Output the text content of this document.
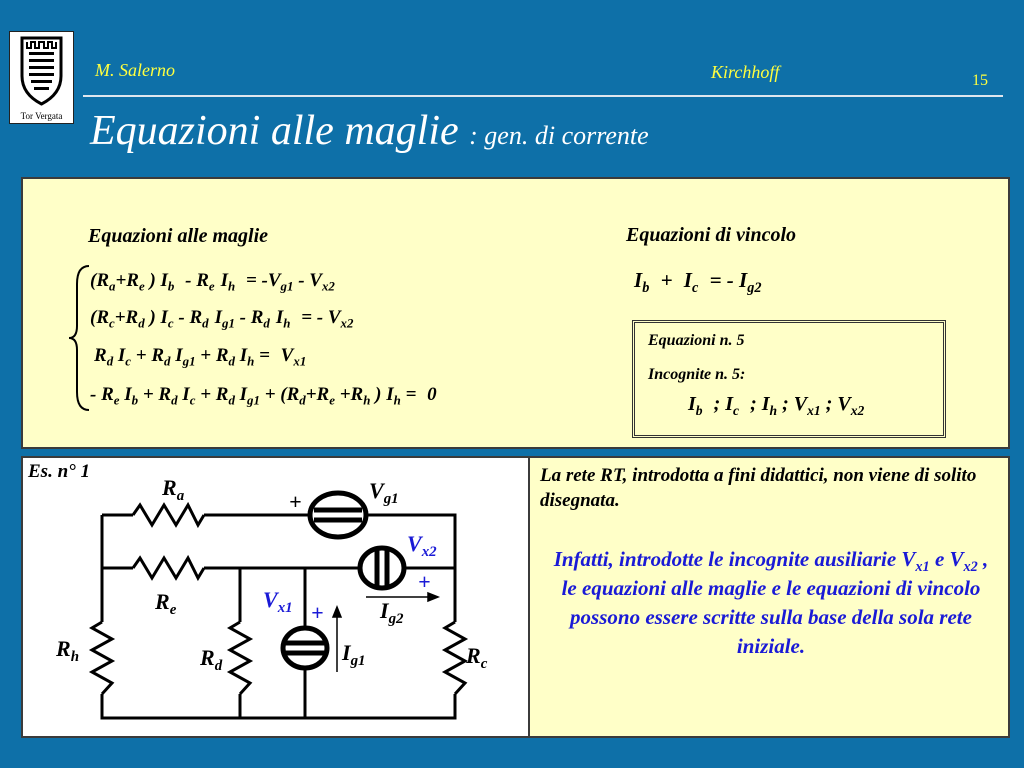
Tor Vergata
M. Salerno	Kirchhoff	15
Equazioni alle maglie : gen. di corrente
Equazioni alle maglie	Equazioni di vincolo
($R_a+R_e$ ) $I_b - R_e$ $I_h = -V_{g1} - V_{x2}$
($R_c+R_d$ ) $I_c - R_d$ $I_{g1} - R_d$ $I_h$ = - $V_{x2}$
$R_d$ $I_c + R_d$ $I_{g1} + R_d$ $I_h = V_{x1}$
- $R_e$ $I_b + R_d$ $I_c + R_d$ $I_{g1} + (R_d+R_e +R_h$ ) $I_h = 0$
$I_b + I_c$ = - $I_{g2}$
Equazioni n. 5
Incognite n. 5:
$I_b$ ; $I_c$ ; $I_h$ ; $V_{x1}$ ; $V_{x2}$
Es. n° 1
$R_a$
$R_e$
$R_h$	$R_d$	$R_c$
$V_{g1}$
+
$V_{x2}$
+
$I_{g2}$
$V_{x1}$ +
$I_{g1}$
La rete RT, introdotta a fini didattici, non viene di solito disegnata.
Infatti, introdotte le incognite ausiliarie $V_{x1}$ e $V_{x2}$ , le equazioni alle maglie e le equazioni di vincolo possono essere scritte sulla base della sola rete iniziale.
